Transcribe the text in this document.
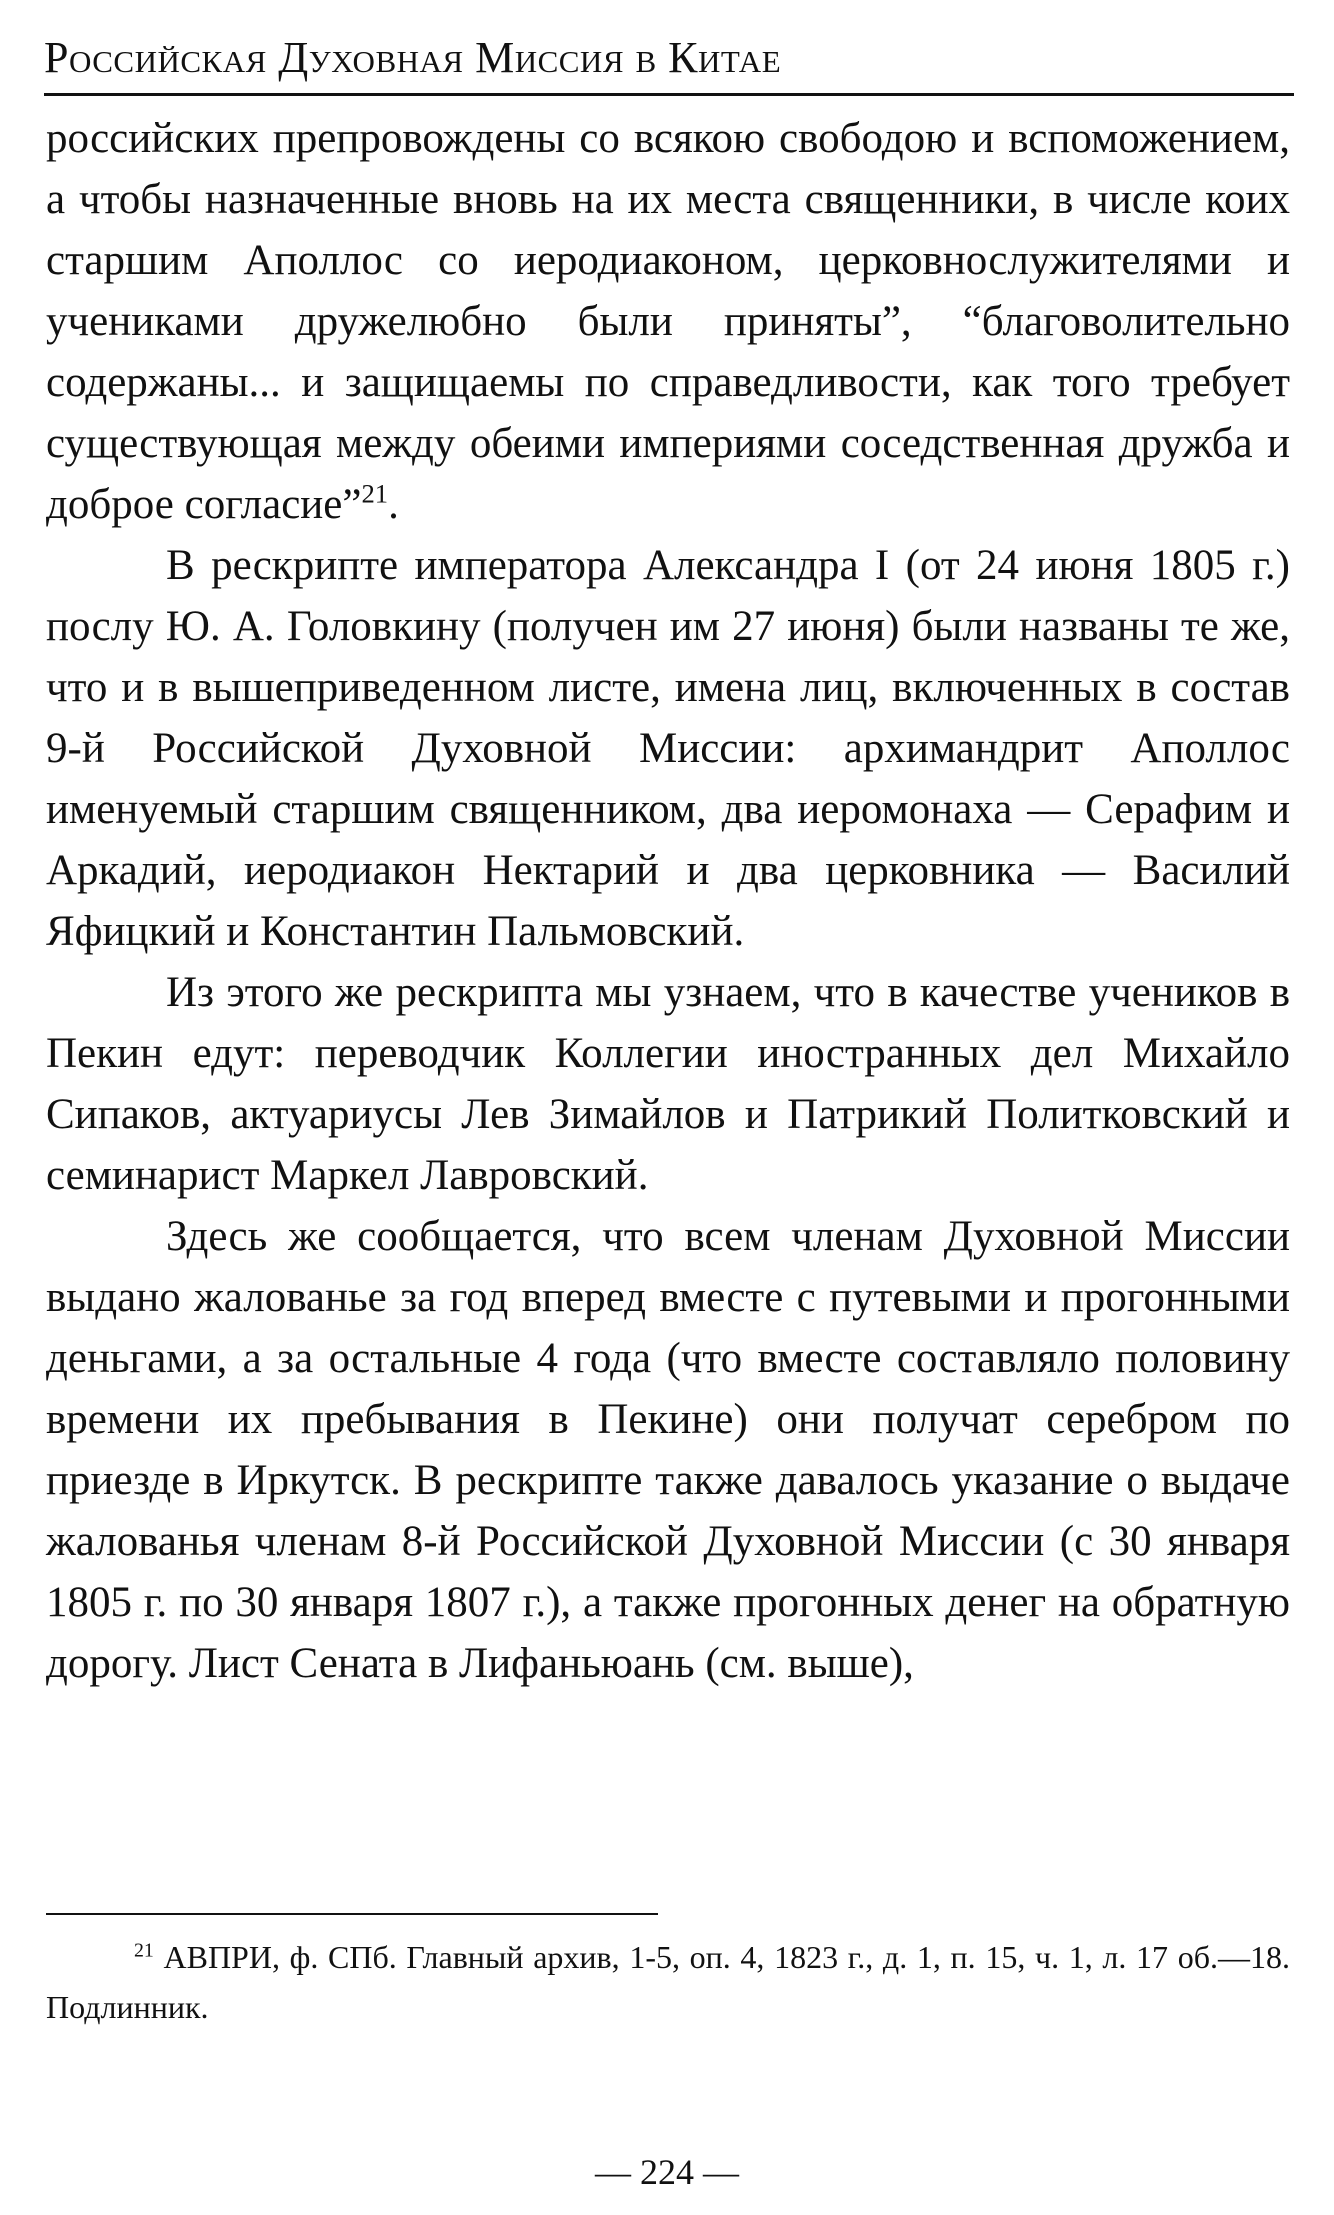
Российская Духовная Миссия в Китае

российских препровождены со всякою свободою и вспоможением, а чтобы назначенные вновь на их места священники, в числе коих старшим Аполлос со иеродиаконом, церковнослужителями и учениками дружелюбно были приняты”, “благоволительно содержаны... и защищаемы по справедливости, как того требует существующая между обеими империями соседственная дружба и доброе согласие”$^{21}$.

В рескрипте императора Александра I (от 24 июня 1805 г.) послу Ю. А. Головкину (получен им 27 июня) были названы те же, что и в вышеприведенном листе, имена лиц, включенных в состав 9-й Российской Духовной Миссии: архимандрит Аполлос именуемый старшим священником, два иеромонаха — Серафим и Аркадий, иеродиакон Нектарий и два церковника — Василий Яфицкий и Константин Пальмовский.

Из этого же рескрипта мы узнаем, что в качестве учеников в Пекин едут: переводчик Коллегии иностранных дел Михайло Сипаков, актуариусы Лев Зимайлов и Патрикий Политковский и семинарист Маркел Лавровский.

Здесь же сообщается, что всем членам Духовной Миссии выдано жалованье за год вперед вместе с путевыми и прогонными деньгами, а за остальные 4 года (что вместе составляло половину времени их пребывания в Пекине) они получат серебром по приезде в Иркутск. В рескрипте также давалось указание о выдаче жалованья членам 8-й Российской Духовной Миссии (с 30 января 1805 г. по 30 января 1807 г.), а также прогонных денег на обратную дорогу. Лист Сената в Лифаньюань (см. выше),

$^{21}$ АВПРИ, ф. СПб. Главный архив, 1-5, оп. 4, 1823 г., д. 1, п. 15, ч. 1, л. 17 об.—18. Подлинник.
— 224 —
